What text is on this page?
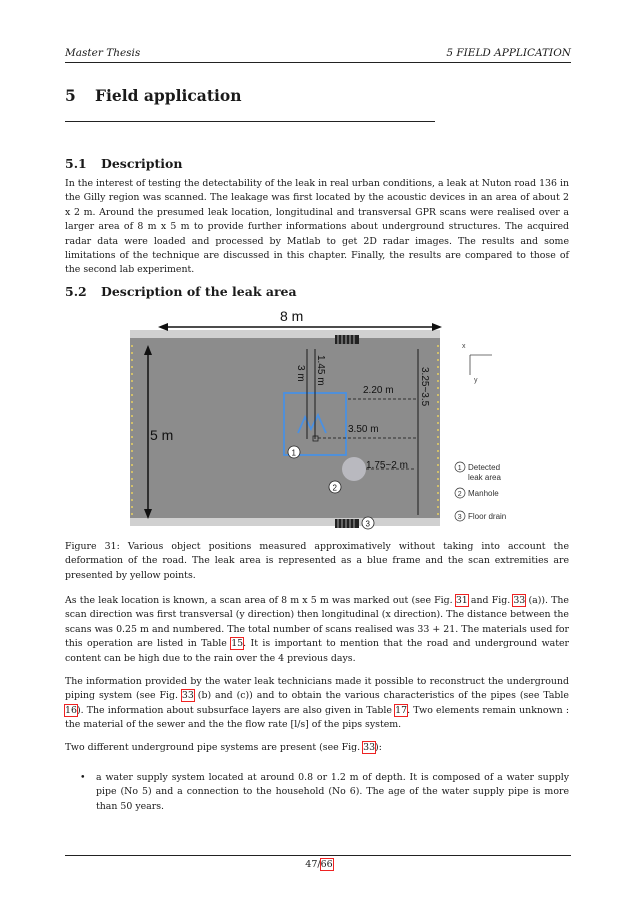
Master Thesis	5 FIELD APPLICATION
5 Field application
5.1 Description
In the interest of testing the detectability of the leak in real urban conditions, a leak at Nuton road 136 in the Gilly region was scanned. The leakage was first located by the acoustic devices in an area of about 2 x 2 m. Around the presumed leak location, longitudinal and transversal GPR scans were realised over a larger area of 8 m x 5 m to provide further informations about underground structures. The acquired radar data were loaded and processed by Matlab to get 2D radar images. The results and some limitations of the technique are discussed in this chapter. Finally, the results are compared to those of the second lab experiment.
5.2 Description of the leak area
8 m
5 m
3 m 1.45 m
2.20 m
3.50 m
3.25~3.5
1.75~2 m
1
2
3
x
y
1 Detected
leak area
2 Manhole
3 Floor drain
Figure 31: Various object positions measured approximatively without taking into account the deformation of the road. The leak area is represented as a blue frame and the scan extremities are presented by yellow points.
As the leak location is known, a scan area of 8 m x 5 m was marked out (see Fig. 31 and Fig. 33 (a)). The scan direction was first transversal (y direction) then longitudinal (x direction). The distance between the scans was 0.25 m and numbered. The total number of scans realised was 33 + 21. The materials used for this operation are listed in Table 15. It is important to mention that the road and underground water content can be high due to the rain over the 4 previous days.
The information provided by the water leak technicians made it possible to reconstruct the underground piping system (see Fig. 33 (b) and (c)) and to obtain the various characteristics of the pipes (see Table 16). The information about subsurface layers are also given in Table 17. Two elements remain unknown : the material of the sewer and the the flow rate [l/s] of the pips system.
Two different underground pipe systems are present (see Fig. 33):
• a water supply system located at around 0.8 or 1.2 m of depth. It is composed of a water supply pipe (No 5) and a connection to the household (No 6). The age of the water supply pipe is more than 50 years.
47/66
